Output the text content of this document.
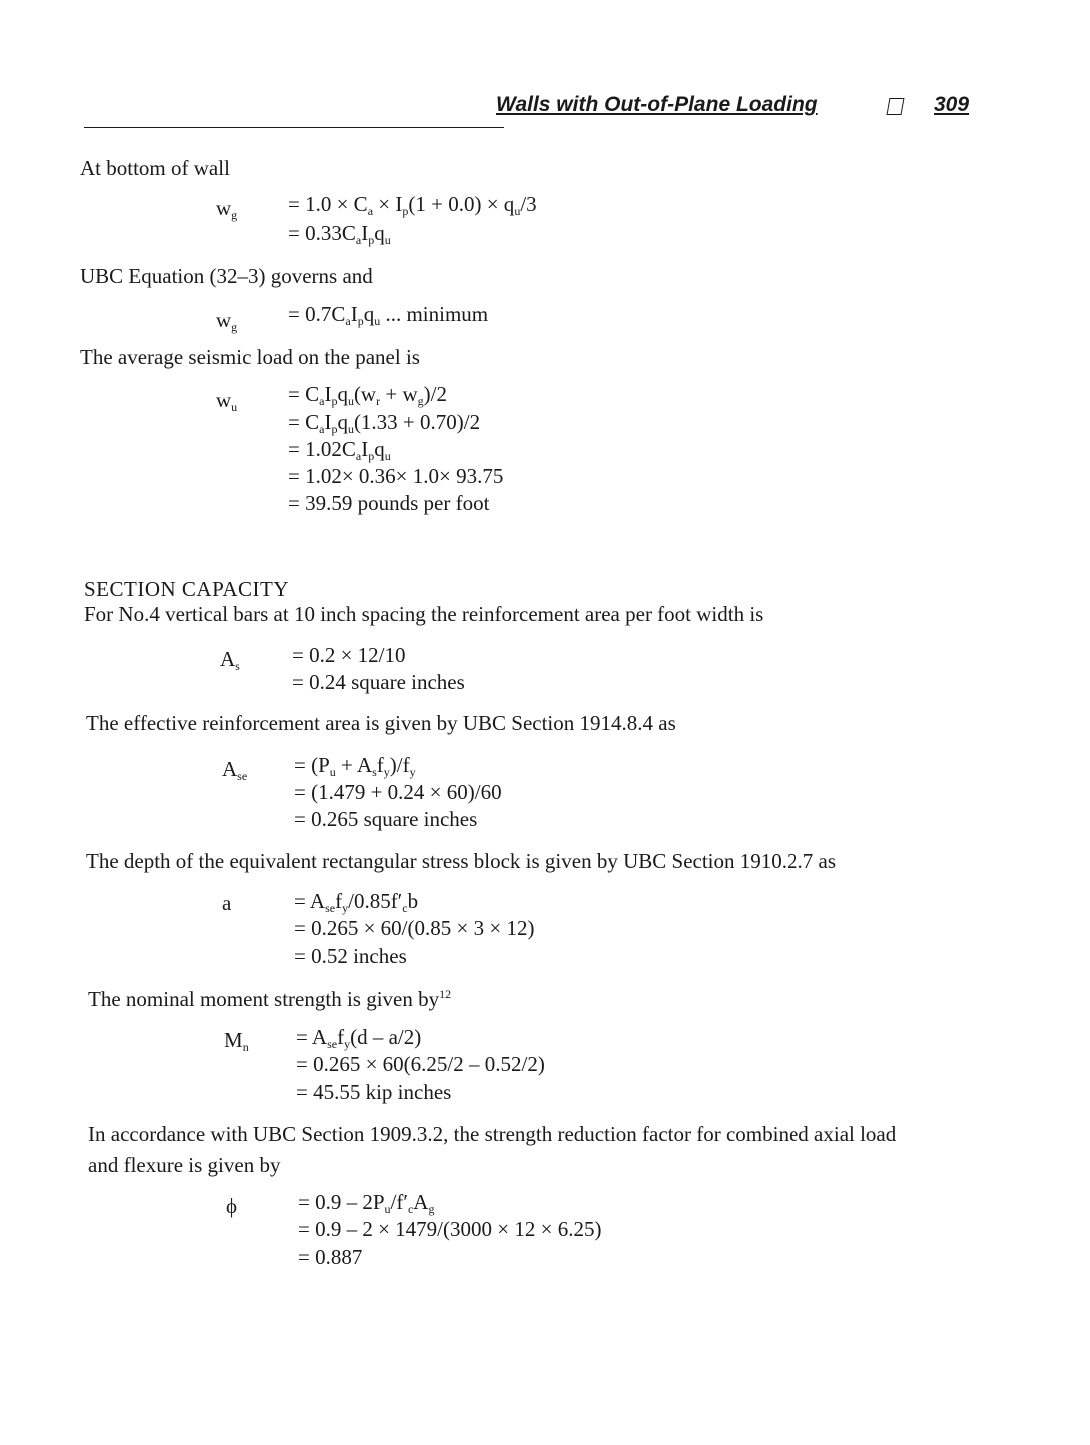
Walls with Out-of-Plane Loading	309
At bottom of wall
$w_g = 1.0 \times C_a \times I_p(1 + 0.0) \times q_u/3$
= $0.33C_aI_pq_u$
UBC Equation (32–3) governs and
$w_g$
= $0.7C_aI_pq_u$ ... minimum
The average seismic load on the panel is
$w_u$
= $C_aI_pq_u(w_r + w_g)/2$
= $C_aI_pq_u(1.33 + 0.70)/2$
= $1.02C_aI_pq_u$
= 1.02× 0.36× 1.0× 93.75
= 39.59 pounds per foot
SECTION CAPACITY
For No.4 vertical bars at 10 inch spacing the reinforcement area per foot width is
$A_s = 0.2 \times 12/10$
= 0.24 square inches
The effective reinforcement area is given by UBC Section 1914.8.4 as
$A_{se} = (P_u + A_sf_y)/f_y$
= (1.479 + 0.24 × 60)/60
= 0.265 square inches
The depth of the equivalent rectangular stress block is given by UBC Section 1910.2.7 as
a	= $A_{se}f_y/0.85f'_cb$
= 0.265 × 60/(0.85 × 3 × 12)
= 0.52 inches
The nominal moment strength is given $by^{12}$
$M_n = A_{se}f_y(d - a/2)$
= 0.265 × 60(6.25/2 – 0.52/2)
= 45.55 kip inches
In accordance with UBC Section 1909.3.2, the strength reduction factor for combined axial load
and flexure is given by
ϕ	= $0.9 - 2P_u/f'_cA_g$
= 0.9 – 2 × 1479/(3000 × 12 × 6.25)
= 0.887
